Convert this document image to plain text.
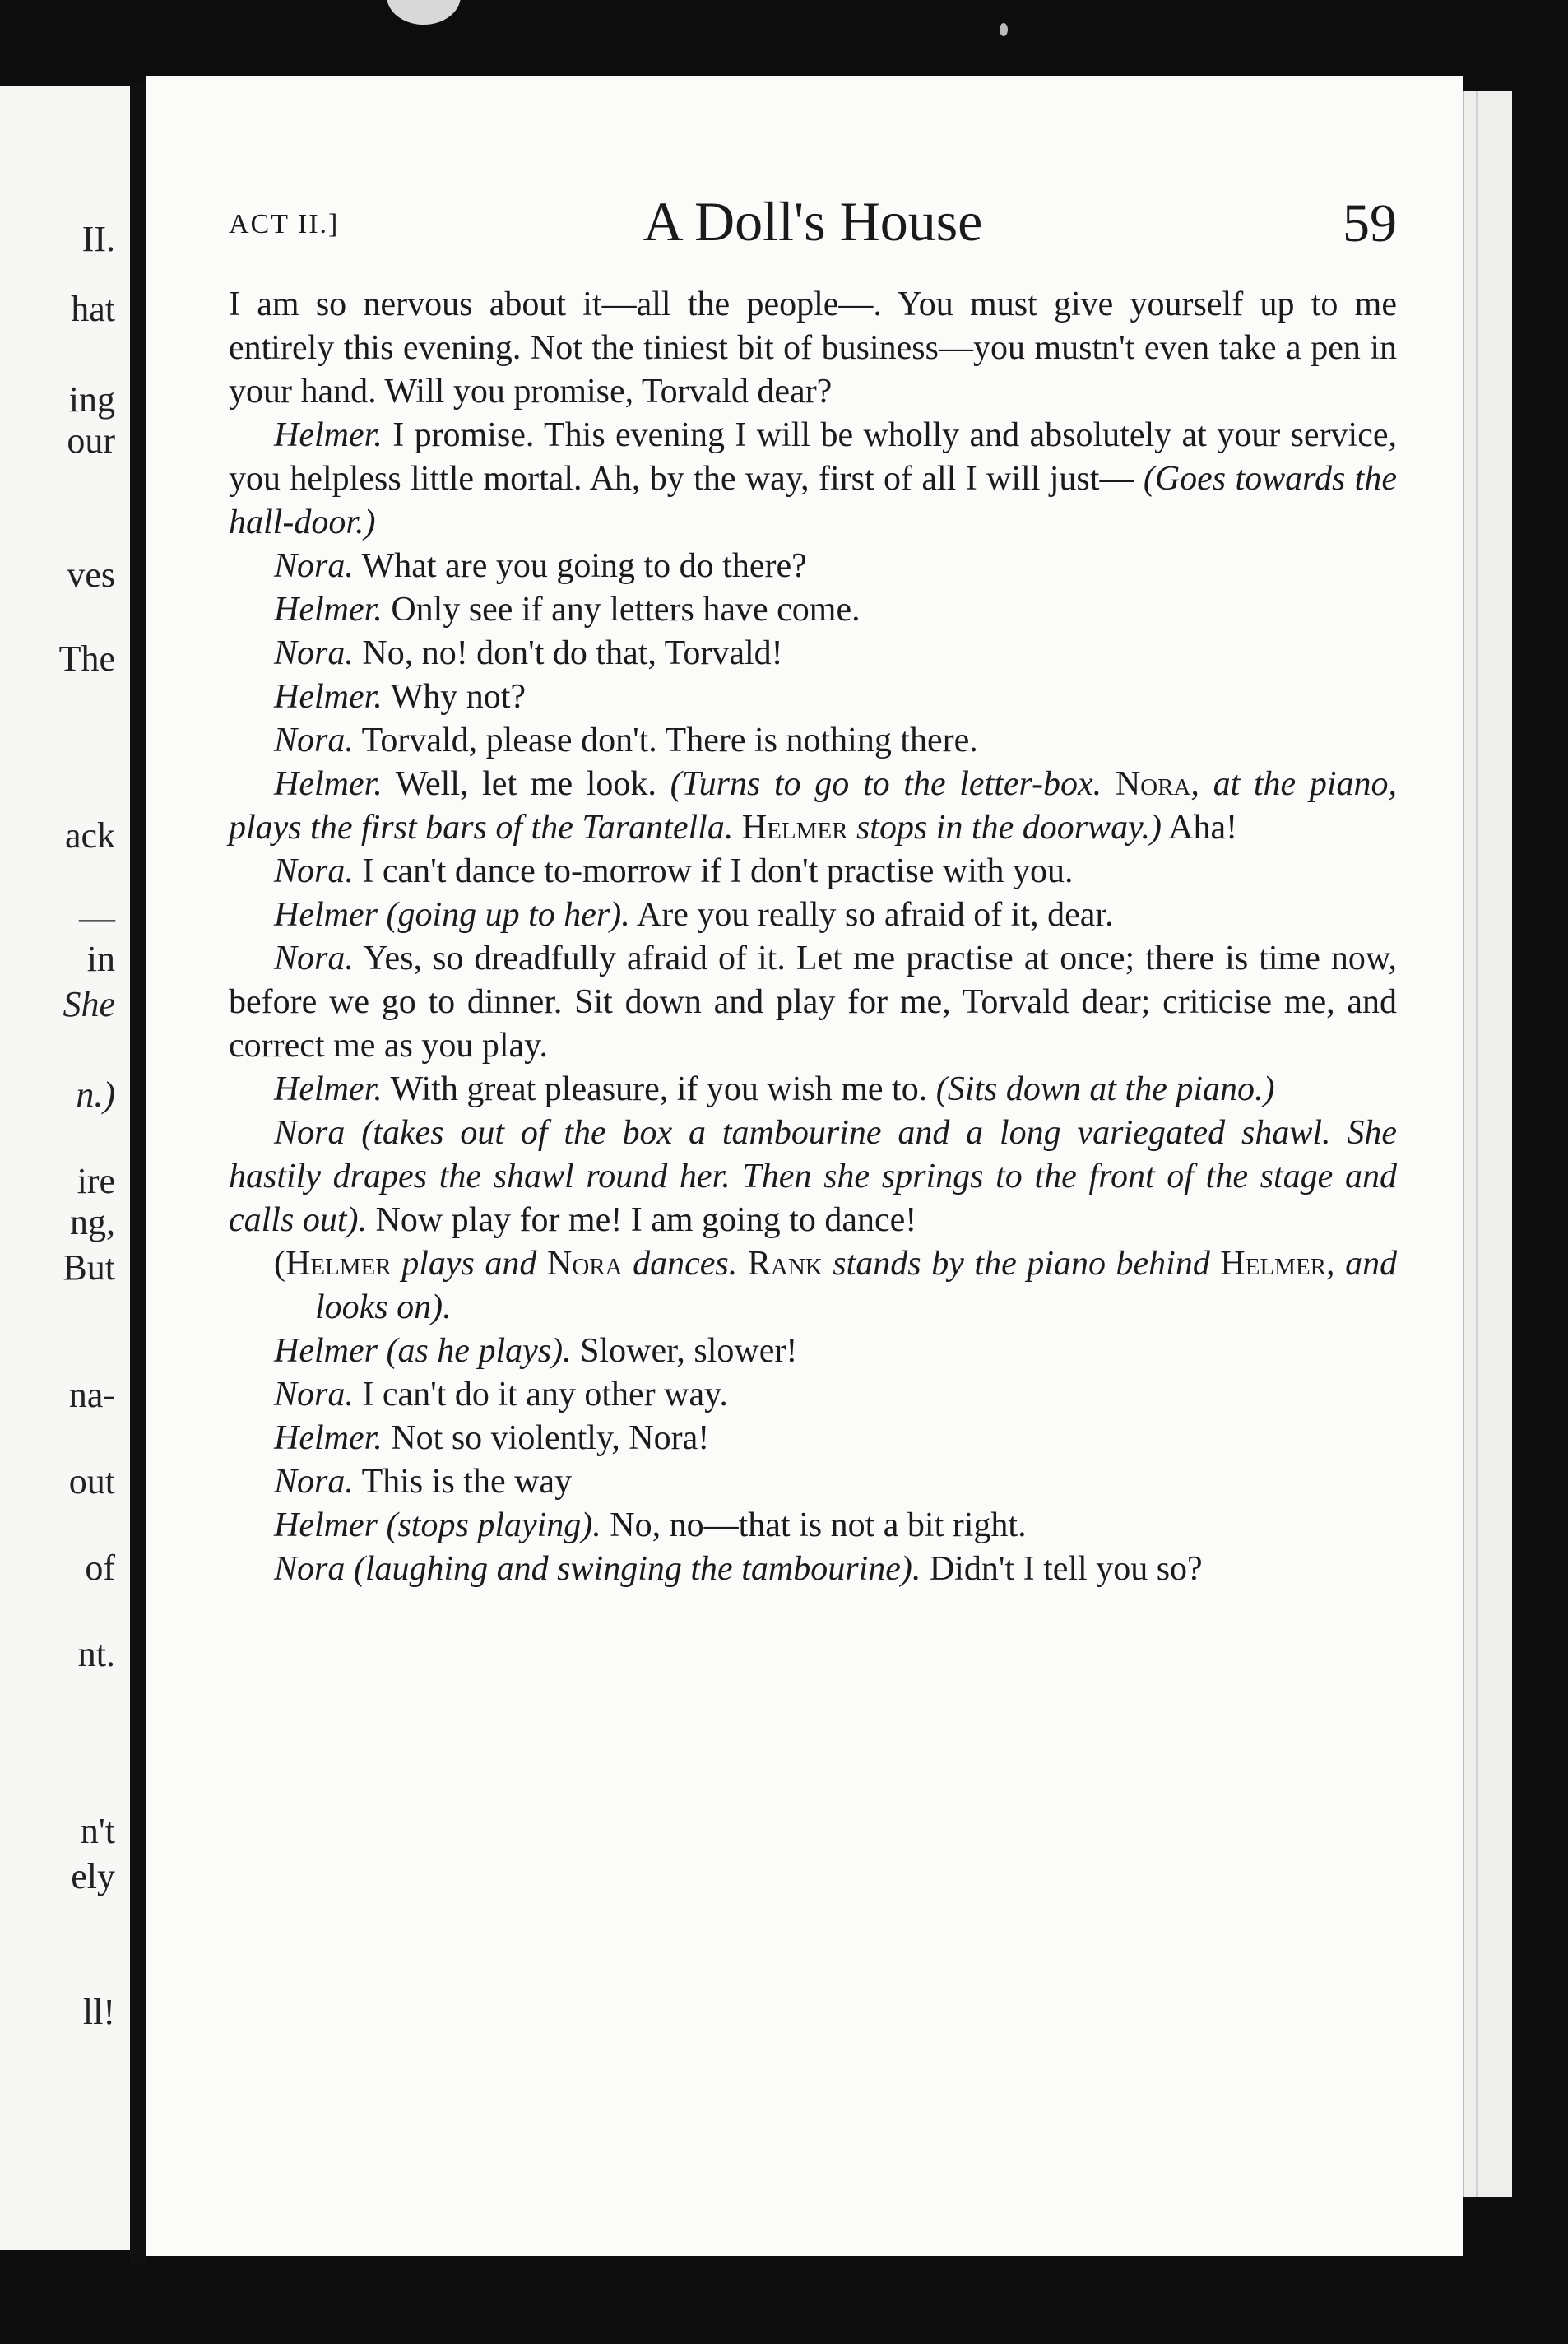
II.
hat
ing
our
ves
The
ack
—
in
She
n.)
ire
ng,
But
na-
out
of
nt.
n't
ely
ll!
ACT II.]	A Doll's House	59

I am so nervous about it—all the people—. You must give yourself up to me entirely this evening. Not the tiniest bit of business—you mustn't even take a pen in your hand. Will you promise, Torvald dear?

Helmer. I promise. This evening I will be wholly and absolutely at your service, you helpless little mortal. Ah, by the way, first of all I will just— (Goes towards the hall-door.)

Nora. What are you going to do there?

Helmer. Only see if any letters have come.

Nora. No, no! don't do that, Torvald!

Helmer. Why not?

Nora. Torvald, please don't. There is nothing there.

Helmer. Well, let me look. (Turns to go to the letter-box. Nora, at the piano, plays the first bars of the Tarantella. Helmer stops in the doorway.) Aha!

Nora. I can't dance to-morrow if I don't practise with you.

Helmer (going up to her). Are you really so afraid of it, dear.

Nora. Yes, so dreadfully afraid of it. Let me practise at once; there is time now, before we go to dinner. Sit down and play for me, Torvald dear; criticise me, and correct me as you play.

Helmer. With great pleasure, if you wish me to. (Sits down at the piano.)

Nora (takes out of the box a tambourine and a long variegated shawl. She hastily drapes the shawl round her. Then she springs to the front of the stage and calls out). Now play for me! I am going to dance!

(Helmer plays and Nora dances. Rank stands by the piano behind Helmer, and looks on).

Helmer (as he plays). Slower, slower!

Nora. I can't do it any other way.

Helmer. Not so violently, Nora!

Nora. This is the way

Helmer (stops playing). No, no—that is not a bit right.

Nora (laughing and swinging the tambourine). Didn't I tell you so?
